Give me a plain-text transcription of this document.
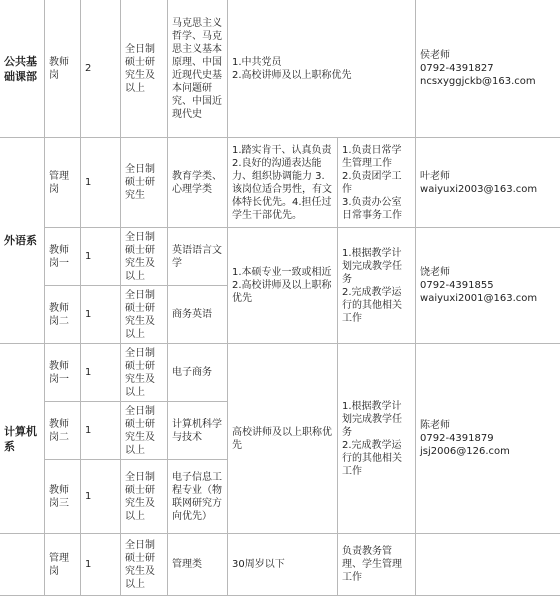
公共基础课部	教师岗	2	全日制硕士研究生及以上	马克思主义哲学、马克思主义基本原理、中国近现代史基本问题研究、中国近现代史	1.中共党员
2.高校讲师及以上职称优先		侯老师
0792-4391827
ncsxyggjckb@163.com
外语系	管理岗	1	全日制硕士研究生	教育学类、心理学类	1.踏实肯干、认真负责
2.良好的沟通表达能力、组织协调能力 3.该岗位适合男性，有文体特长优先。4.担任过学生干部优先。	1.负责日常学生管理工作
2.负责团学工作
3.负责办公室日常事务工作	叶老师
waiyuxi2003@163.com
	教师岗一	1	全日制硕士研究生及以上	英语语言文学	1.本硕专业一致或相近
2.高校讲师及以上职称优先	1.根据教学计划完成教学任务
2.完成教学运行的其他相关工作	饶老师
0792-4391855
waiyuxi2001@163.com
	教师岗二	1	全日制硕士研究生及以上	商务英语			
计算机系	教师岗一	1	全日制硕士研究生及以上	电子商务	高校讲师及以上职称优先	1.根据教学计划完成教学任务
2.完成教学运行的其他相关工作	陈老师
0792-4391879
jsj2006@126.com
	教师岗二	1	全日制硕士研究生及以上	计算机科学与技术			
	教师岗三	1	全日制硕士研究生及以上	电子信息工程专业（物联网研究方向优先）			
	管理岗	1	全日制硕士研究生及以上	管理类	30周岁以下	负责教务管理、学生管理工作	
